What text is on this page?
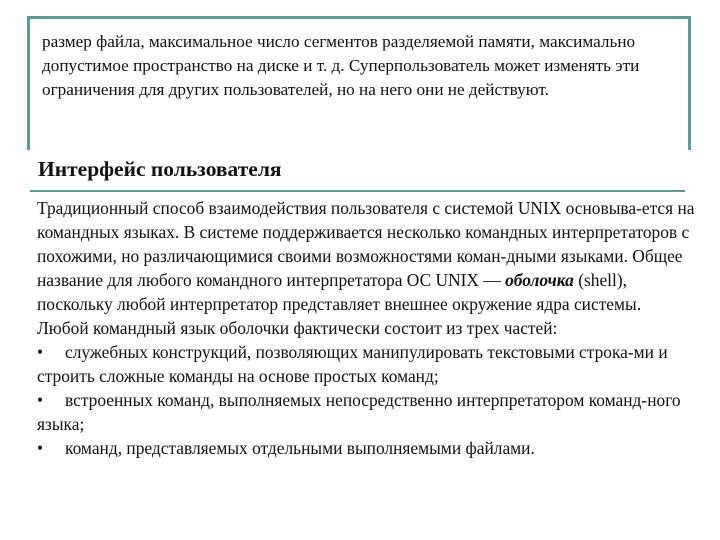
размер файла, максимальное число сегментов разделяемой памяти, максимально допустимое пространство на диске и т. д. Суперпользователь может изменять эти ограничения для других пользователей, но на него они не действуют.

Интерфейс пользователя

Традиционный способ взаимодействия пользователя с системой UNIX основыва-ется на командных языках. В системе поддерживается несколько командных интерпретаторов с похожими, но различающимися своими возможностями коман-дными языками. Общее название для любого командного интерпретатора ОС UNIX — оболочка (shell), поскольку любой интерпретатор представляет внешнее окружение ядра системы.

Любой командный язык оболочки фактически состоит из трех частей:

• служебных конструкций, позволяющих манипулировать текстовыми строка-ми и строить сложные команды на основе простых команд;

• встроенных команд, выполняемых непосредственно интерпретатором команд-ного языка;

• команд, представляемых отдельными выполняемыми файлами.
